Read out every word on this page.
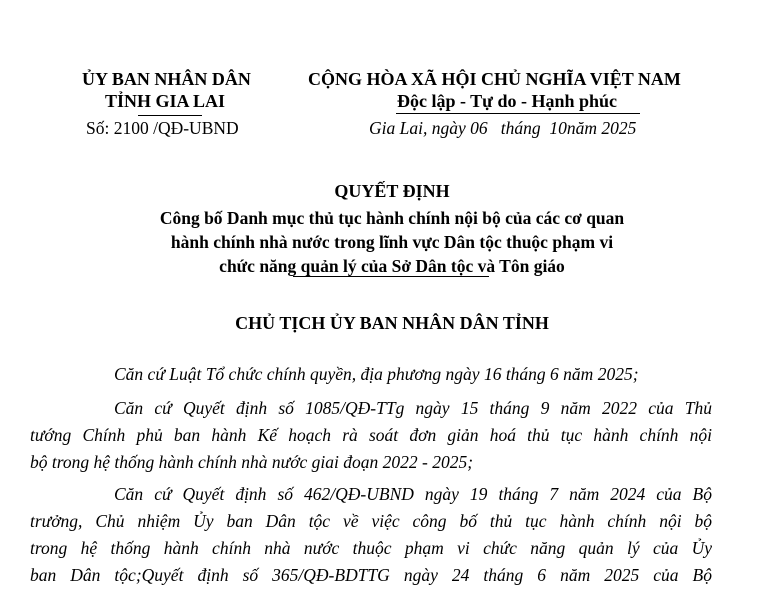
ỦY BAN NHÂN DÂN
TỈNH GIA LAI
Số: 2100 /QĐ-UBND
CỘNG HÒA XÃ HỘI CHỦ NGHĨA VIỆT NAM
Độc lập - Tự do - Hạnh phúc
Gia Lai, ngày 06 tháng 10năm 2025
QUYẾT ĐỊNH
Công bố Danh mục thủ tục hành chính nội bộ của các cơ quan
hành chính nhà nước trong lĩnh vực Dân tộc thuộc phạm vi
chức năng quản lý của Sở Dân tộc và Tôn giáo
CHỦ TỊCH ỦY BAN NHÂN DÂN TỈNH
Căn cứ Luật Tổ chức chính quyền, địa phương ngày 16 tháng 6 năm 2025;
Căn cứ Quyết định số 1085/QĐ-TTg ngày 15 tháng 9 năm 2022 của Thủ
tướng Chính phủ ban hành Kế hoạch rà soát đơn giản hoá thủ tục hành chính nội
bộ trong hệ thống hành chính nhà nước giai đoạn 2022 - 2025;
Căn cứ Quyết định số 462/QĐ-UBND ngày 19 tháng 7 năm 2024 của Bộ
trưởng, Chủ nhiệm Ủy ban Dân tộc về việc công bố thủ tục hành chính nội bộ
trong hệ thống hành chính nhà nước thuộc phạm vi chức năng quản lý của Ủy
ban Dân tộc;Quyết định số 365/QĐ-BDTTG ngày 24 tháng 6 năm 2025 của Bộ
